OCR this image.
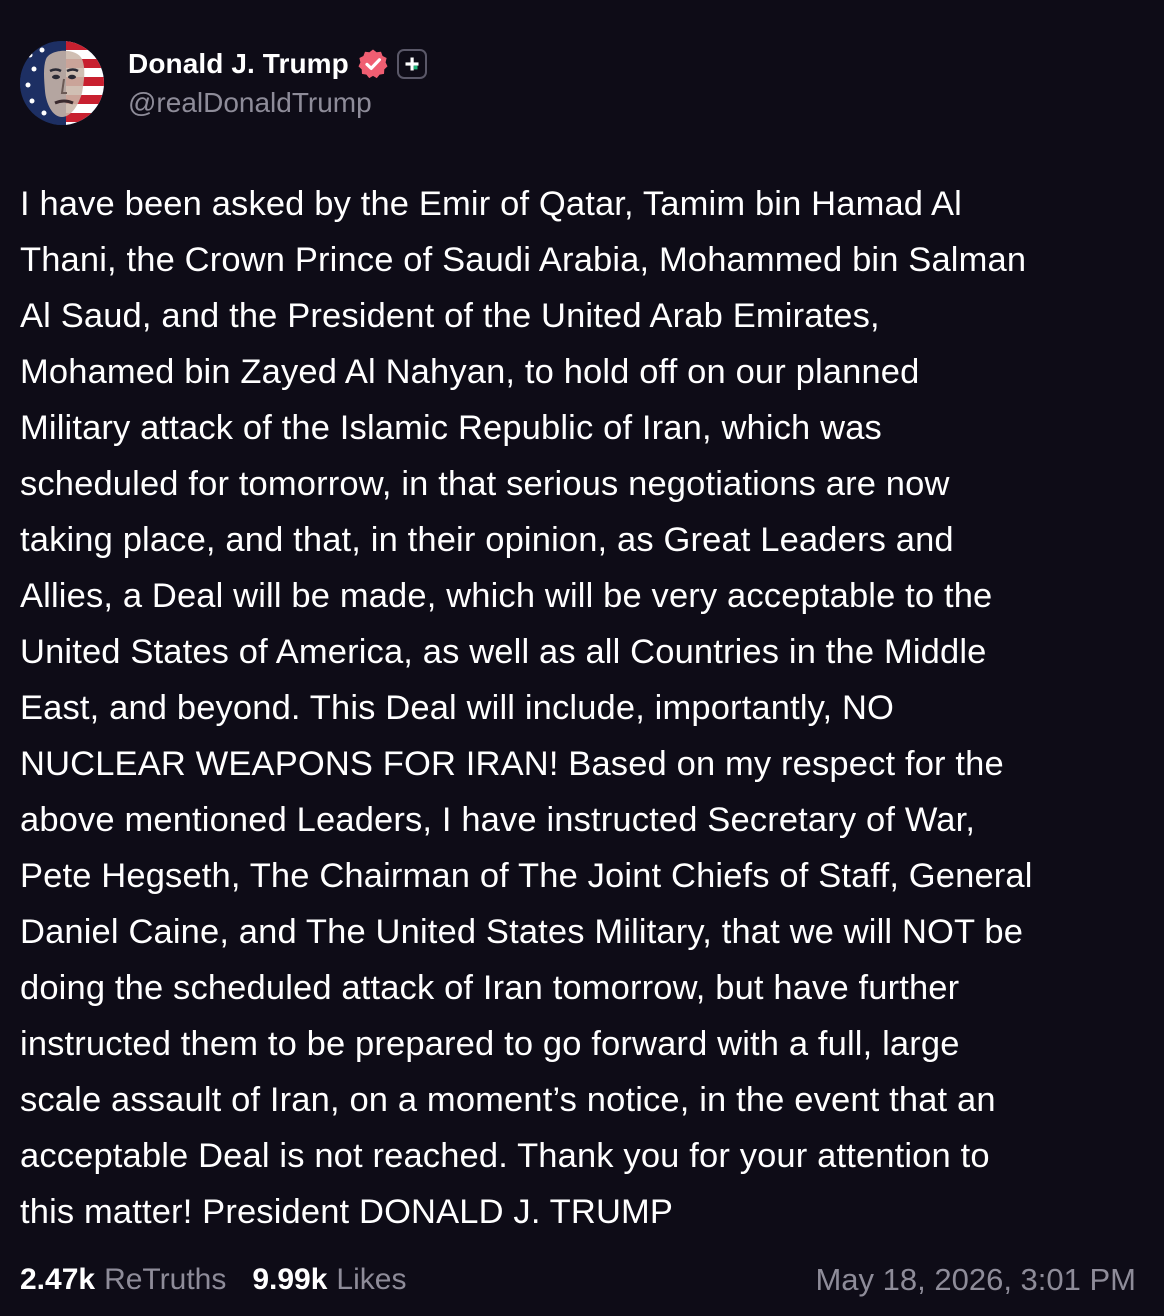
Donald J. Trump
@realDonaldTrump
I have been asked by the Emir of Qatar, Tamim bin Hamad Al
Thani, the Crown Prince of Saudi Arabia, Mohammed bin Salman
Al Saud, and the President of the United Arab Emirates,
Mohamed bin Zayed Al Nahyan, to hold off on our planned
Military attack of the Islamic Republic of Iran, which was
scheduled for tomorrow, in that serious negotiations are now
taking place, and that, in their opinion, as Great Leaders and
Allies, a Deal will be made, which will be very acceptable to the
United States of America, as well as all Countries in the Middle
East, and beyond. This Deal will include, importantly, NO
NUCLEAR WEAPONS FOR IRAN! Based on my respect for the
above mentioned Leaders, I have instructed Secretary of War,
Pete Hegseth, The Chairman of The Joint Chiefs of Staff, General
Daniel Caine, and The United States Military, that we will NOT be
doing the scheduled attack of Iran tomorrow, but have further
instructed them to be prepared to go forward with a full, large
scale assault of Iran, on a moment’s notice, in the event that an
acceptable Deal is not reached. Thank you for your attention to
this matter! President DONALD J. TRUMP
2.47k ReTruths 9.99k Likes	May 18, 2026, 3:01 PM
